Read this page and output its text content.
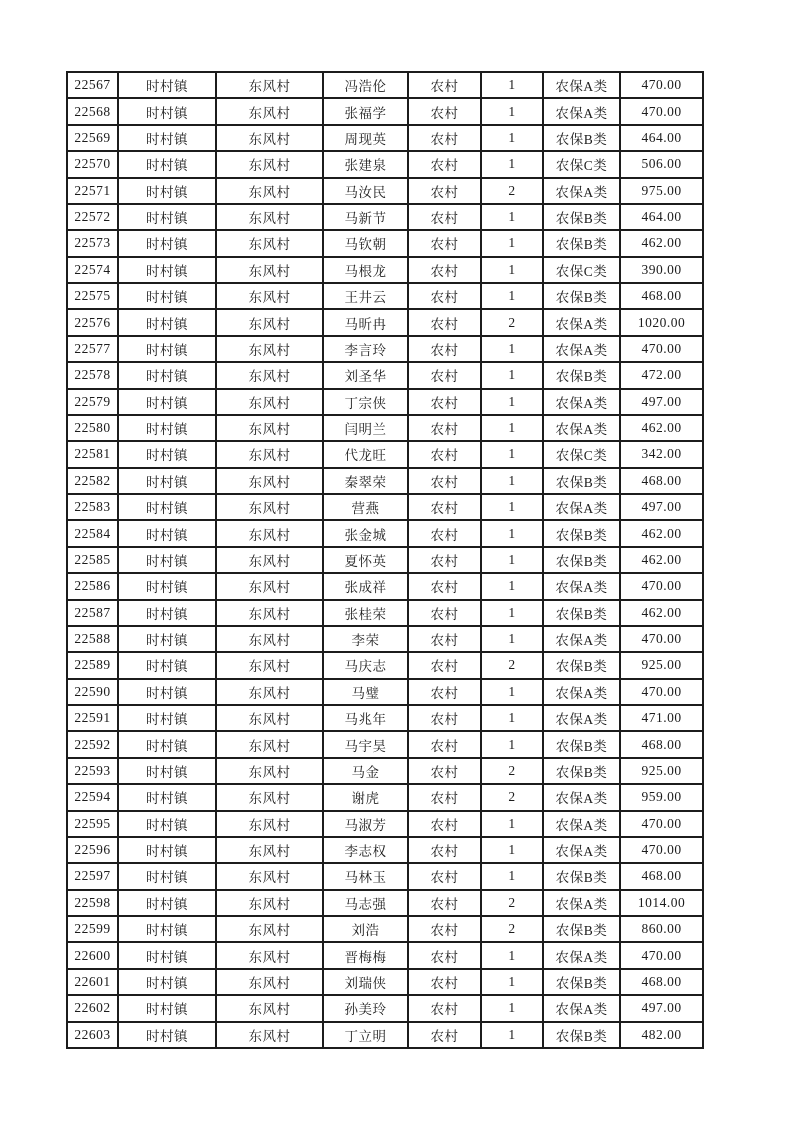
22567	时村镇	东风村	冯浩伦	农村	1	农保A类	470.00
22568	时村镇	东风村	张福学	农村	1	农保A类	470.00
22569	时村镇	东风村	周现英	农村	1	农保B类	464.00
22570	时村镇	东风村	张建泉	农村	1	农保C类	506.00
22571	时村镇	东风村	马汝民	农村	2	农保A类	975.00
22572	时村镇	东风村	马新节	农村	1	农保B类	464.00
22573	时村镇	东风村	马钦朝	农村	1	农保B类	462.00
22574	时村镇	东风村	马根龙	农村	1	农保C类	390.00
22575	时村镇	东风村	王井云	农村	1	农保B类	468.00
22576	时村镇	东风村	马昕冉	农村	2	农保A类	1020.00
22577	时村镇	东风村	李言玲	农村	1	农保A类	470.00
22578	时村镇	东风村	刘圣华	农村	1	农保B类	472.00
22579	时村镇	东风村	丁宗侠	农村	1	农保A类	497.00
22580	时村镇	东风村	闫明兰	农村	1	农保A类	462.00
22581	时村镇	东风村	代龙旺	农村	1	农保C类	342.00
22582	时村镇	东风村	秦翠荣	农村	1	农保B类	468.00
22583	时村镇	东风村	营燕	农村	1	农保A类	497.00
22584	时村镇	东风村	张金城	农村	1	农保B类	462.00
22585	时村镇	东风村	夏怀英	农村	1	农保B类	462.00
22586	时村镇	东风村	张成祥	农村	1	农保A类	470.00
22587	时村镇	东风村	张桂荣	农村	1	农保B类	462.00
22588	时村镇	东风村	李荣	农村	1	农保A类	470.00
22589	时村镇	东风村	马庆志	农村	2	农保B类	925.00
22590	时村镇	东风村	马璧	农村	1	农保A类	470.00
22591	时村镇	东风村	马兆年	农村	1	农保A类	471.00
22592	时村镇	东风村	马宇昊	农村	1	农保B类	468.00
22593	时村镇	东风村	马金	农村	2	农保B类	925.00
22594	时村镇	东风村	谢虎	农村	2	农保A类	959.00
22595	时村镇	东风村	马淑芳	农村	1	农保A类	470.00
22596	时村镇	东风村	李志权	农村	1	农保A类	470.00
22597	时村镇	东风村	马林玉	农村	1	农保B类	468.00
22598	时村镇	东风村	马志强	农村	2	农保A类	1014.00
22599	时村镇	东风村	刘浩	农村	2	农保B类	860.00
22600	时村镇	东风村	晋梅梅	农村	1	农保A类	470.00
22601	时村镇	东风村	刘瑞侠	农村	1	农保B类	468.00
22602	时村镇	东风村	孙美玲	农村	1	农保A类	497.00
22603	时村镇	东风村	丁立明	农村	1	农保B类	482.00
